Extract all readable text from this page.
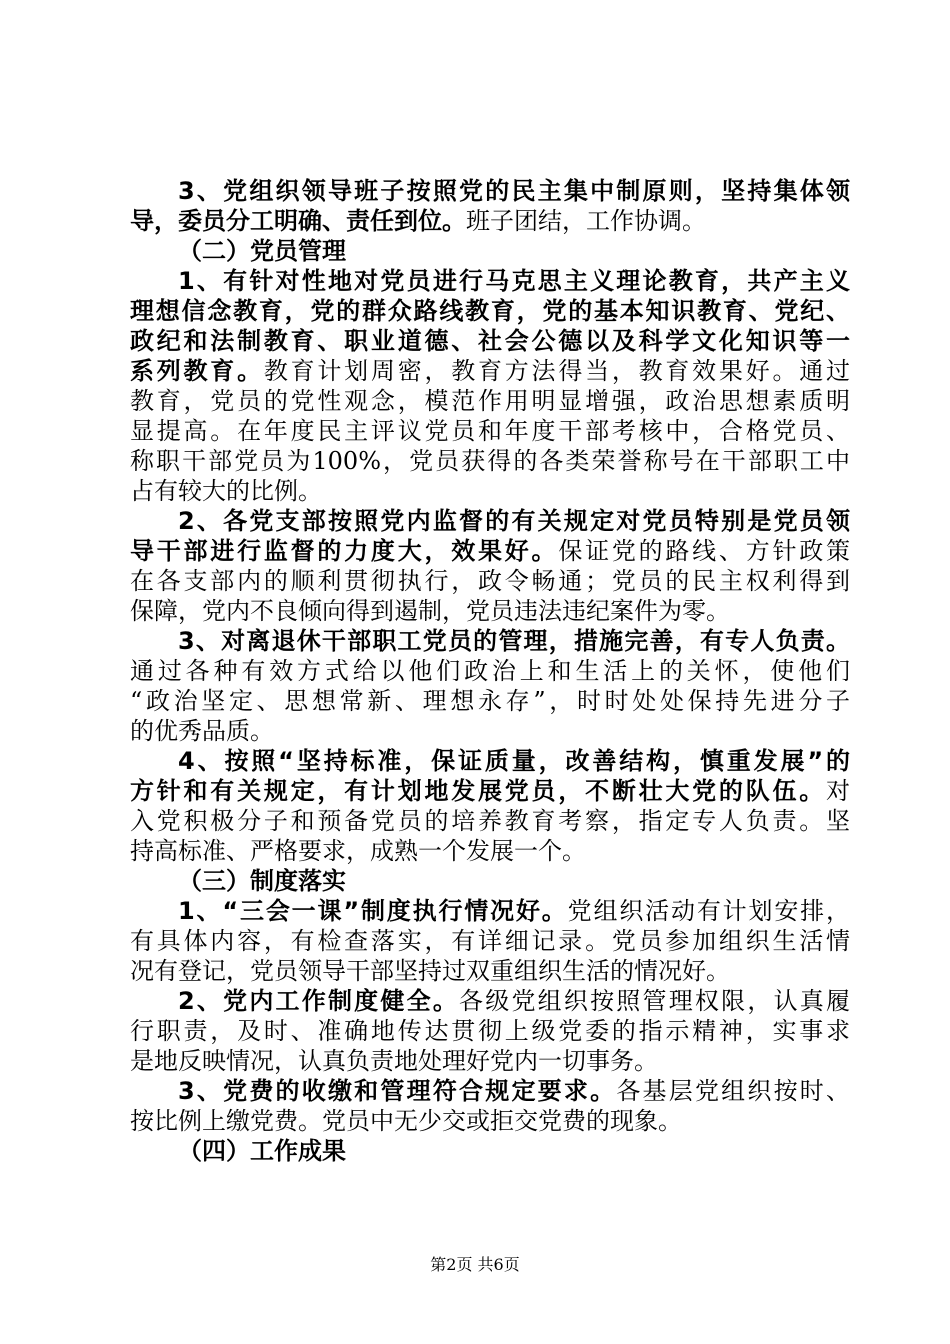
3、党组织领导班子按照党的民主集中制原则，坚持集体领
导，委员分工明确、责任到位。班子团结，工作协调。
（二）党员管理
1、有针对性地对党员进行马克思主义理论教育，共产主义
理想信念教育，党的群众路线教育，党的基本知识教育、党纪、
政纪和法制教育、职业道德、社会公德以及科学文化知识等一
系列教育。教育计划周密，教育方法得当，教育效果好。通过
教育，党员的党性观念，模范作用明显增强，政治思想素质明
显提高。在年度民主评议党员和年度干部考核中，合格党员、
称职干部党员为100%，党员获得的各类荣誉称号在干部职工中
占有较大的比例。
2、各党支部按照党内监督的有关规定对党员特别是党员领
导干部进行监督的力度大，效果好。保证党的路线、方针政策
在各支部内的顺利贯彻执行，政令畅通；党员的民主权利得到
保障，党内不良倾向得到遏制，党员违法违纪案件为零。
3、对离退休干部职工党员的管理，措施完善，有专人负责。
通过各种有效方式给以他们政治上和生活上的关怀，使他们
“政治坚定、思想常新、理想永存”，时时处处保持先进分子
的优秀品质。
4、按照“坚持标准，保证质量，改善结构，慎重发展”的
方针和有关规定，有计划地发展党员，不断壮大党的队伍。对
入党积极分子和预备党员的培养教育考察，指定专人负责。坚
持高标准、严格要求，成熟一个发展一个。
（三）制度落实
1、“三会一课”制度执行情况好。党组织活动有计划安排，
有具体内容，有检查落实，有详细记录。党员参加组织生活情
况有登记，党员领导干部坚持过双重组织生活的情况好。
2、党内工作制度健全。各级党组织按照管理权限，认真履
行职责，及时、准确地传达贯彻上级党委的指示精神，实事求
是地反映情况，认真负责地处理好党内一切事务。
3、党费的收缴和管理符合规定要求。各基层党组织按时、
按比例上缴党费。党员中无少交或拒交党费的现象。
（四）工作成果
第2页 共6页
